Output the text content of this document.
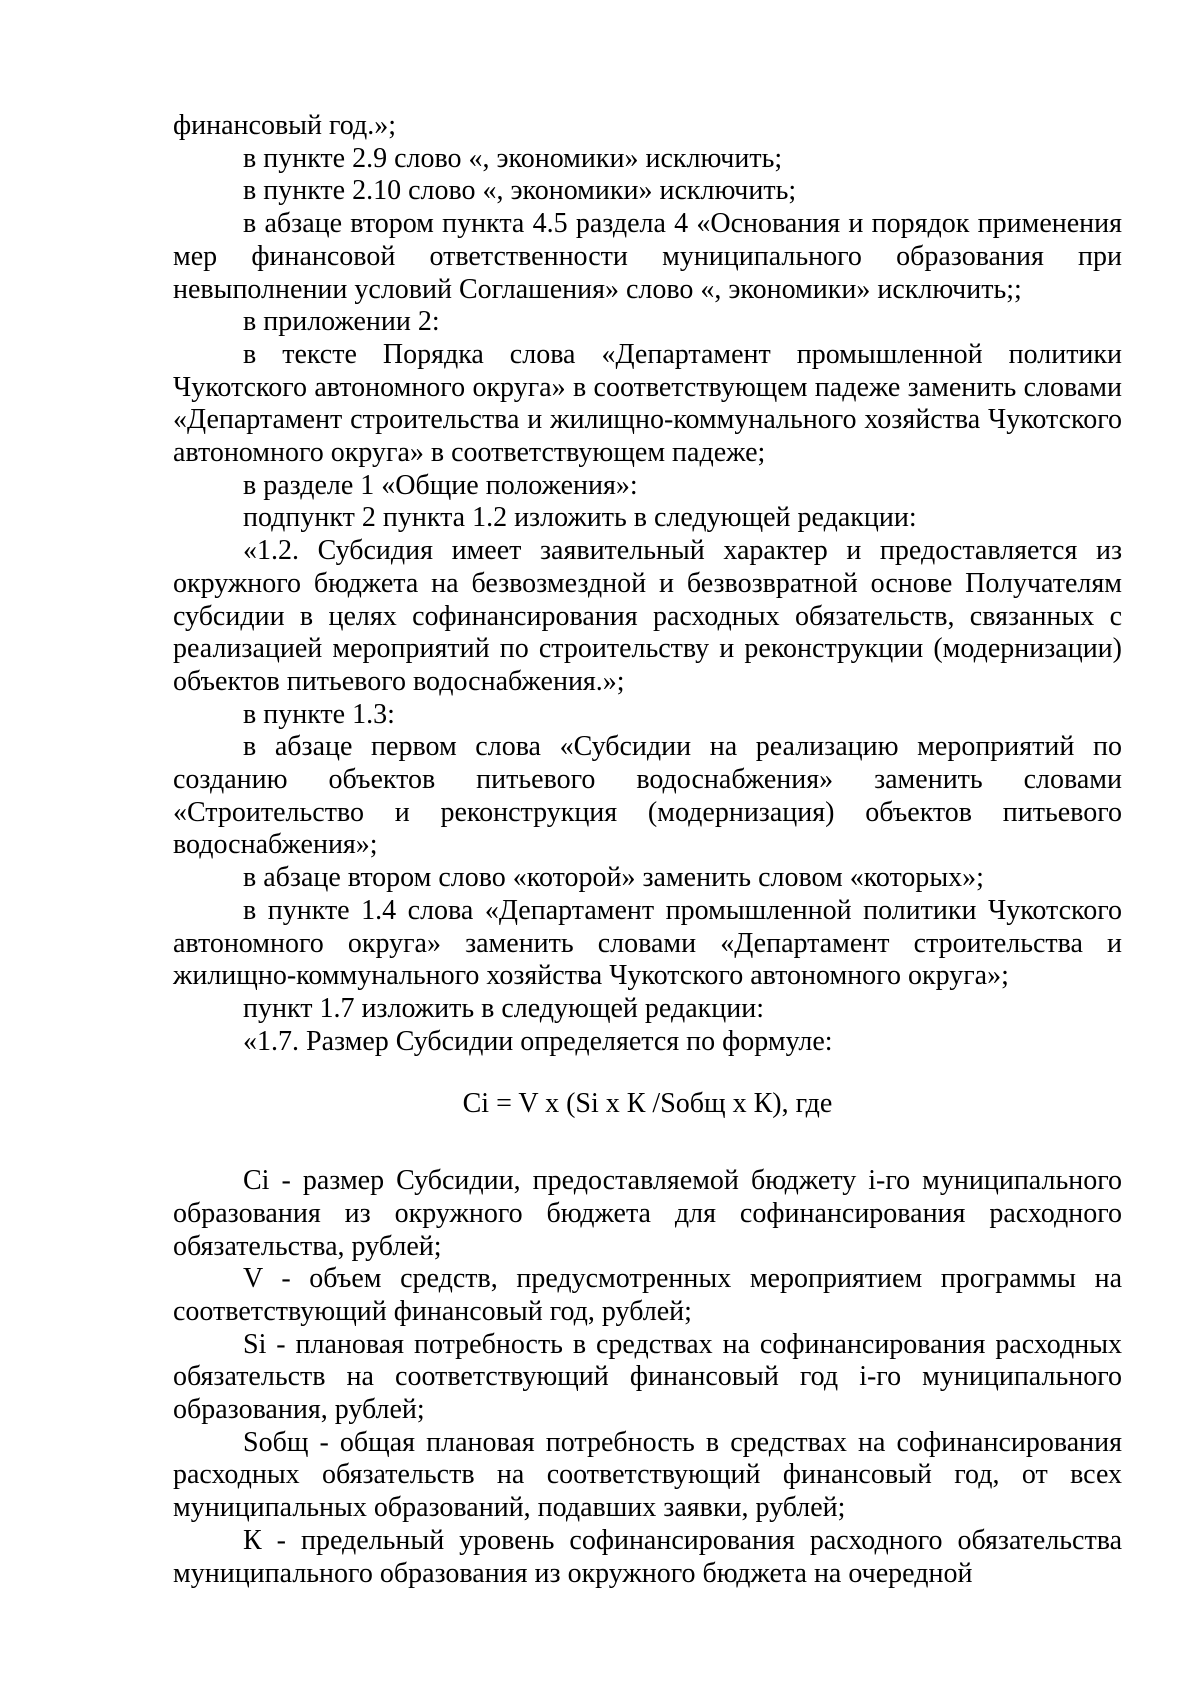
финансовый год.»;

в пункте 2.9 слово «, экономики» исключить;

в пункте 2.10 слово «, экономики» исключить;

в абзаце втором пункта 4.5 раздела 4 «Основания и порядок применения мер финансовой ответственности муниципального образования при невыполнении условий Соглашения» слово «, экономики» исключить;;

в приложении 2:

в тексте Порядка слова «Департамент промышленной политики Чукотского автономного округа» в соответствующем падеже заменить словами «Департамент строительства и жилищно-коммунального хозяйства Чукотского автономного округа» в соответствующем падеже;

в разделе 1 «Общие положения»:

подпункт 2 пункта 1.2 изложить в следующей редакции:

«1.2. Субсидия имеет заявительный характер и предоставляется из окружного бюджета на безвозмездной и безвозвратной основе Получателям субсидии в целях софинансирования расходных обязательств, связанных с реализацией мероприятий по строительству и реконструкции (модернизации) объектов питьевого водоснабжения.»;

в пункте 1.3:

в абзаце первом слова «Субсидии на реализацию мероприятий по созданию объектов питьевого водоснабжения» заменить словами «Строительство и реконструкция (модернизация) объектов питьевого водоснабжения»;

в абзаце втором слово «которой» заменить словом «которых»;

в пункте 1.4 слова «Департамент промышленной политики Чукотского автономного округа» заменить словами «Департамент строительства и жилищно-коммунального хозяйства Чукотского автономного округа»;

пункт 1.7 изложить в следующей редакции:

«1.7. Размер Субсидии определяется по формуле:

Ci = V x (Si x К /Sобщ x К), где

Ci - размер Субсидии, предоставляемой бюджету i-го муниципального образования из окружного бюджета для софинансирования расходного обязательства, рублей;

V - объем средств, предусмотренных мероприятием программы на соответствующий финансовый год, рублей;

Si - плановая потребность в средствах на софинансирования расходных обязательств на соответствующий финансовый год i-го муниципального образования, рублей;

Sобщ - общая плановая потребность в средствах на софинансирования расходных обязательств на соответствующий финансовый год, от всех муниципальных образований, подавших заявки, рублей;

К - предельный уровень софинансирования расходного обязательства муниципального образования из окружного бюджета на очередной
